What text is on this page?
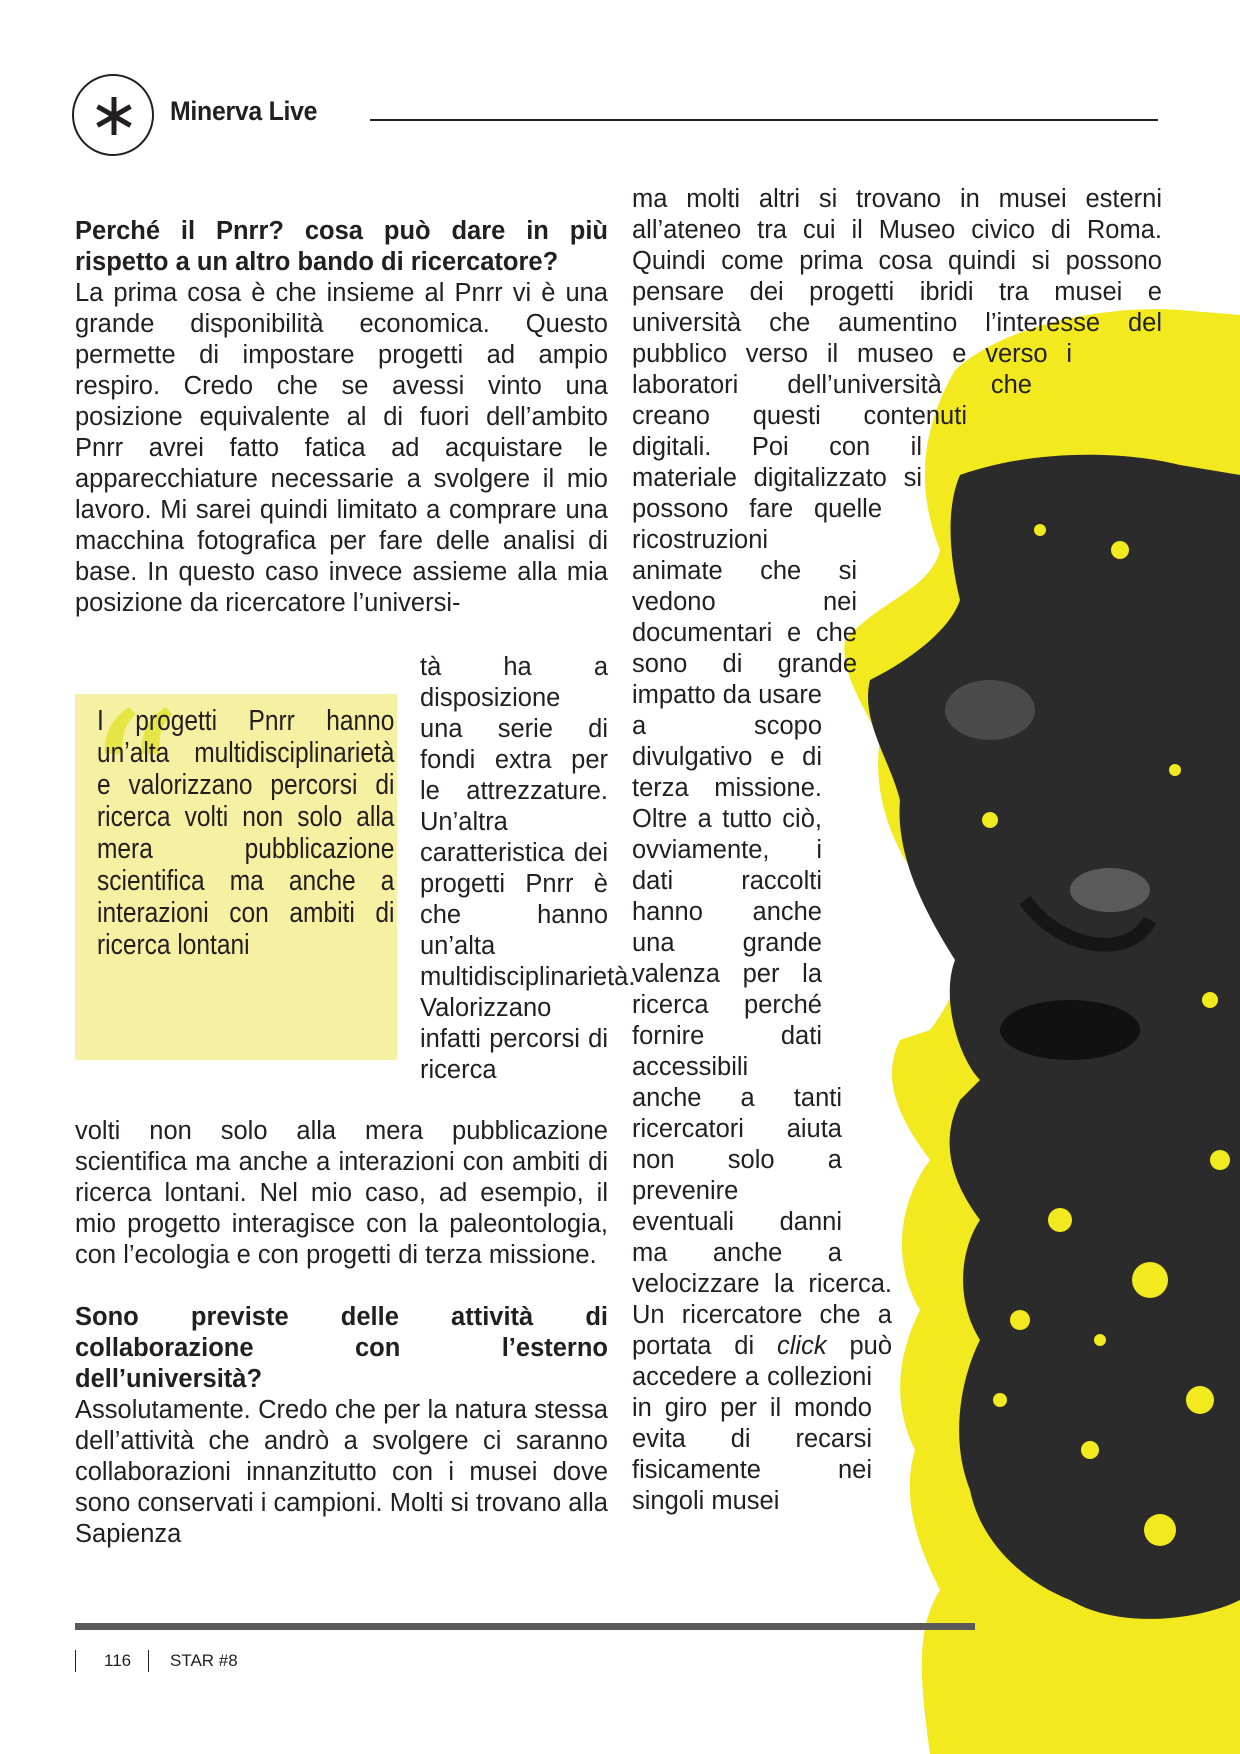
Minerva Live

Perché il Pnrr? cosa può dare in più rispetto a un altro bando di ricercatore?

La prima cosa è che insieme al Pnrr vi è una grande disponibilità economica. Questo permette di impostare progetti ad ampio respiro. Credo che se avessi vinto una posizione equivalente al di fuori dell’ambito Pnrr avrei fatto fatica ad acquistare le apparecchiature necessarie a svolgere il mio lavoro. Mi sarei quindi limitato a comprare una macchina fotografica per fare delle analisi di base. In questo caso invece assieme alla mia posizione da ricercatore l’universi-

tà ha a disposizione una serie di fondi extra per le attrezzature. Un’altra caratteristica dei progetti Pnrr è che hanno un’alta multidisciplinarietà. Valorizzano infatti percorsi di ricerca

volti non solo alla mera pubblicazione scientifica ma anche a interazioni con ambiti di ricerca lontani. Nel mio caso, ad esempio, il mio progetto interagisce con la paleontologia, con l’ecologia e con progetti di terza missione.

Sono previste delle attività di collaborazione con l’esterno dell’università?

Assolutamente. Credo che per la natura stessa dell’attività che andrò a svolgere ci saranno collaborazioni innanzitutto con i musei dove sono conservati i campioni. Molti si trovano alla Sapienza

“
I progetti Pnrr hanno un’alta multidisciplinarietà e valorizzano percorsi di ricerca volti non solo alla mera pubblicazione scientifica ma anche a interazioni con ambiti di ricerca lontani

ma molti altri si trovano in musei esterni all’ateneo tra cui il Museo civico di Roma. Quindi come prima cosa quindi si possono pensare dei progetti ibridi tra musei e università che aumentino l’interesse del pubblico verso il museo e verso i laboratori dell’università che creano questi contenuti digitali. Poi con il materiale digitalizzato si possono fare quelle ricostruzioni animate che si vedono nei documentari e che sono di grande impatto da usare a scopo divulgativo e di terza missione. Oltre a tutto ciò, ovviamente, i dati raccolti hanno anche una grande valenza per la ricerca perché fornire dati accessibili anche a tanti ricercatori aiuta non solo a prevenire eventuali danni ma anche a velocizzare la ricerca. Un ricercatore che a portata di click può accedere a collezioni in giro per il mondo evita di recarsi fisicamente nei singoli musei

116 STAR #8
